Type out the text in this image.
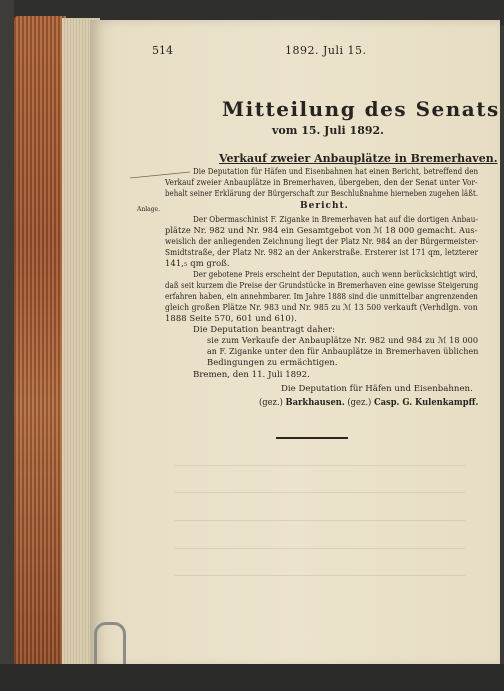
514	1892. Juli 15.
Mitteilung des Senats
vom 15. Juli 1892.
Verkauf zweier Anbauplätze in Bremerhaven.
Die Deputation für Häfen und Eisenbahnen hat einen Bericht, betreffend den
Verkauf zweier Anbauplätze in Bremerhaven, übergeben, den der Senat unter Vor-
behalt seiner Erklärung der Bürgerschaft zur Beschlußnahme hierneben zugehen läßt.
Anlage.	Bericht.
Der Obermaschinist F. Ziganke in Bremerhaven hat auf die dortigen Anbau-
plätze Nr. 982 und Nr. 984 ein Gesamtgebot von ℳ 18 000 gemacht. Aus-
weislich der anliegenden Zeichnung liegt der Platz Nr. 984 an der Bürgermeister-
Smidtstraße, der Platz Nr. 982 an der Ankerstraße. Ersterer ist 171 qm, letzterer
141,₅ qm groß.
Der gebotene Preis erscheint der Deputation, auch wenn berücksichtigt wird,
daß seit kurzem die Preise der Grundstücke in Bremerhaven eine gewisse Steigerung
erfahren haben, ein annehmbarer. Im Jahre 1888 sind die unmittelbar angrenzenden
gleich großen Plätze Nr. 983 und Nr. 985 zu ℳ 13 500 verkauft (Verhdlgn. von
1888 Seite 570, 601 und 610).
Die Deputation beantragt daher:
sie zum Verkaufe der Anbauplätze Nr. 982 und 984 zu ℳ 18 000
an F. Ziganke unter den für Anbauplätze in Bremerhaven üblichen
Bedingungen zu ermächtigen.
Bremen, den 11. Juli 1892.
Die Deputation für Häfen und Eisenbahnen.
(gez.) Barkhausen. (gez.) Casp. G. Kulenkampff.
